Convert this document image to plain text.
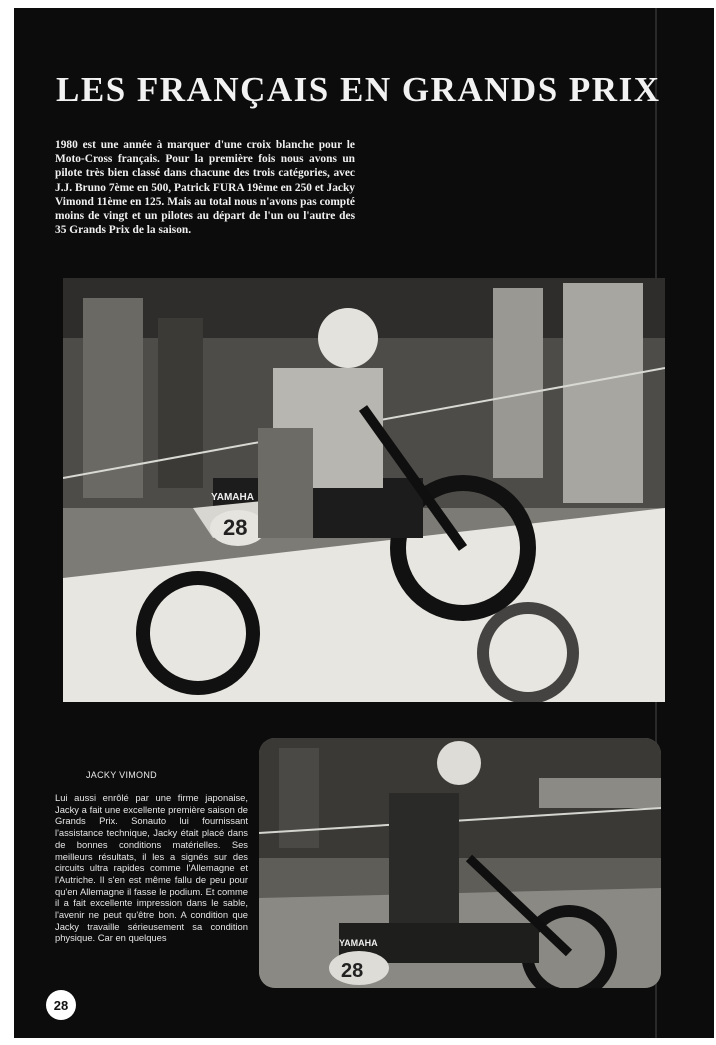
LES FRANÇAIS EN GRANDS PRIX

1980 est une année à marquer d'une croix blanche pour le Moto-Cross français. Pour la première fois nous avons un pilote très bien classé dans chacune des trois catégories, avec J.J. Bruno 7ème en 500, Patrick FURA 19ème en 250 et Jacky Vimond 11ème en 125. Mais au total nous n'avons pas compté moins de vingt et un pilotes au départ de l'un ou l'autre des 35 Grands Prix de la saison.

28
YAMAHA
JACKY VIMOND

Lui aussi enrôlé par une firme japonaise, Jacky a fait une excellente première saison de Grands Prix. Sonauto lui fournissant l'assistance technique, Jacky était placé dans de bonnes conditions matérielles. Ses meilleurs résultats, il les a signés sur des circuits ultra rapides comme l'Allemagne et l'Autriche. Il s'en est même fallu de peu pour qu'en Allemagne il fasse le podium. Et comme il a fait excellente impression dans le sable, l'avenir ne peut qu'être bon. A condition que Jacky travaille sérieusement sa condition physique. Car en quelques

28
YAMAHA
28
